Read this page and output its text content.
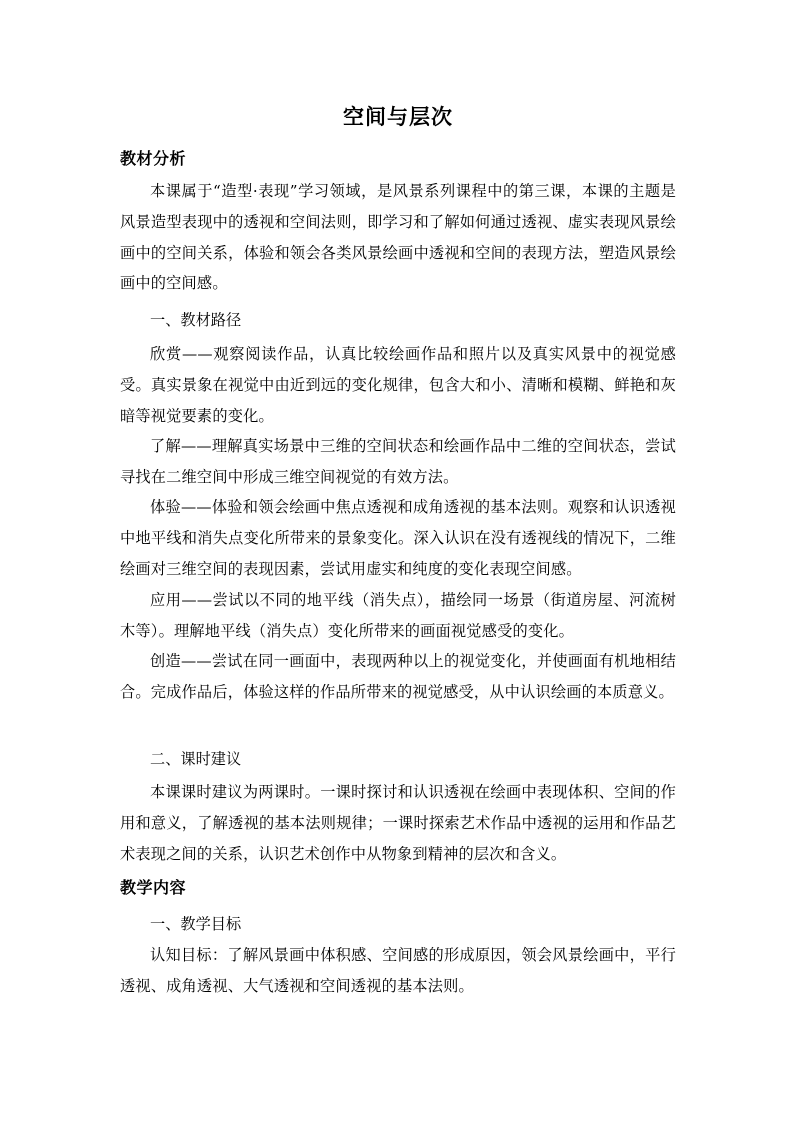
空间与层次
教材分析

本课属于“造型·表现”学习领域，是风景系列课程中的第三课，本课的主题是风景造型表现中的透视和空间法则，即学习和了解如何通过透视、虚实表现风景绘画中的空间关系，体验和领会各类风景绘画中透视和空间的表现方法，塑造风景绘画中的空间感。

一、教材路径

欣赏——观察阅读作品，认真比较绘画作品和照片以及真实风景中的视觉感受。真实景象在视觉中由近到远的变化规律，包含大和小、清晰和模糊、鲜艳和灰暗等视觉要素的变化。

了解——理解真实场景中三维的空间状态和绘画作品中二维的空间状态，尝试寻找在二维空间中形成三维空间视觉的有效方法。

体验——体验和领会绘画中焦点透视和成角透视的基本法则。观察和认识透视中地平线和消失点变化所带来的景象变化。深入认识在没有透视线的情况下，二维绘画对三维空间的表现因素，尝试用虚实和纯度的变化表现空间感。

应用——尝试以不同的地平线（消失点），描绘同一场景（街道房屋、河流树木等）。理解地平线（消失点）变化所带来的画面视觉感受的变化。

创造——尝试在同一画面中，表现两种以上的视觉变化，并使画面有机地相结合。完成作品后，体验这样的作品所带来的视觉感受，从中认识绘画的本质意义。

二、课时建议

本课课时建议为两课时。一课时探讨和认识透视在绘画中表现体积、空间的作用和意义，了解透视的基本法则规律；一课时探索艺术作品中透视的运用和作品艺术表现之间的关系，认识艺术创作中从物象到精神的层次和含义。

教学内容

一、教学目标

认知目标：了解风景画中体积感、空间感的形成原因，领会风景绘画中，平行透视、成角透视、大气透视和空间透视的基本法则。
